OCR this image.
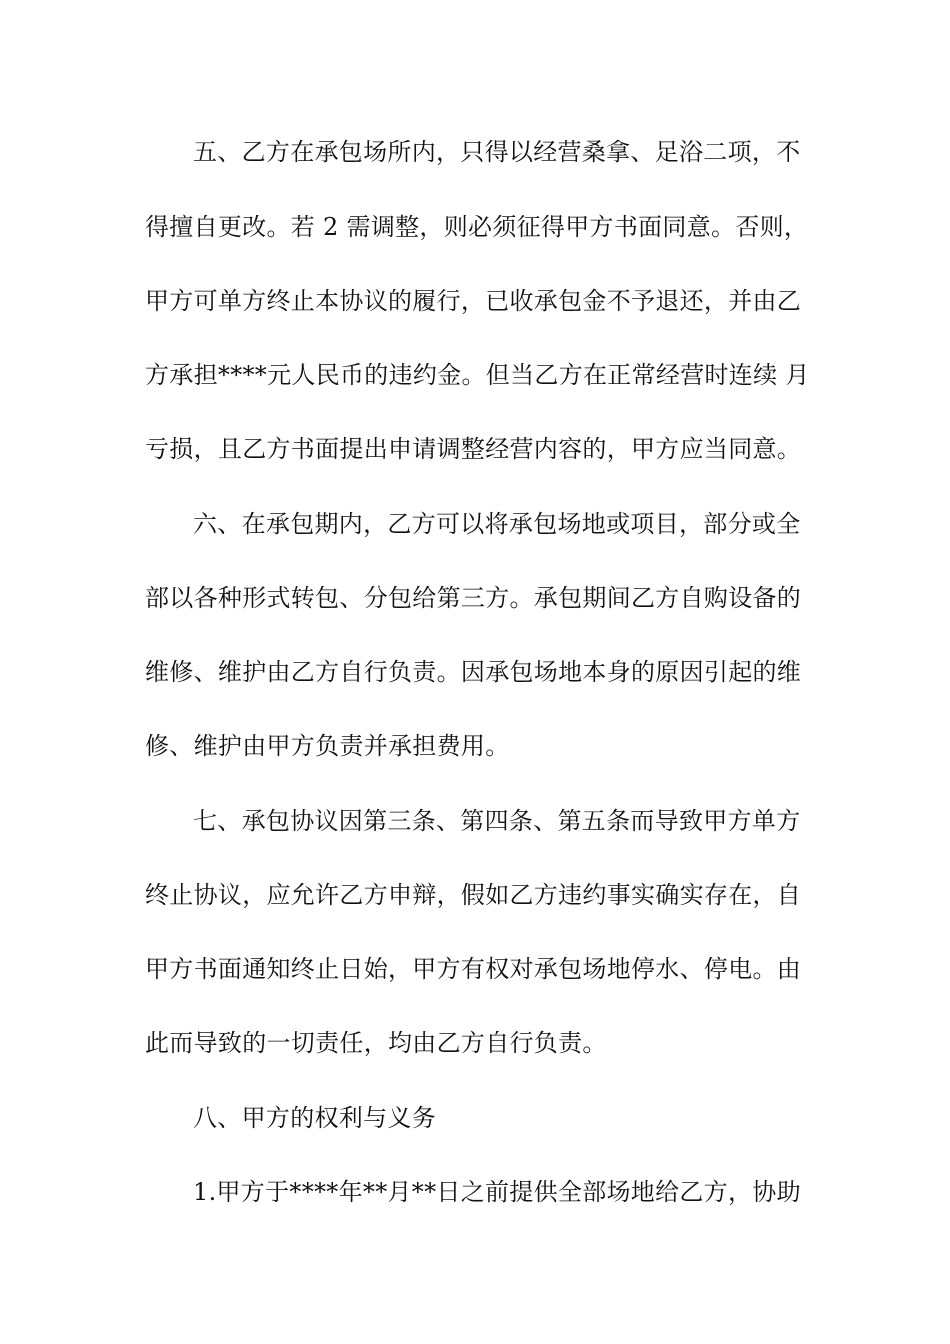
五、乙方在承包场所内，只得以经营桑拿、足浴二项，不
得擅自更改。若 2 需调整，则必须征得甲方书面同意。否则，
甲方可单方终止本协议的履行，已收承包金不予退还，并由乙
方承担****元人民币的违约金。但当乙方在正常经营时连续 月
亏损，且乙方书面提出申请调整经营内容的，甲方应当同意。
六、在承包期内，乙方可以将承包场地或项目，部分或全
部以各种形式转包、分包给第三方。承包期间乙方自购设备的
维修、维护由乙方自行负责。因承包场地本身的原因引起的维
修、维护由甲方负责并承担费用。
七、承包协议因第三条、第四条、第五条而导致甲方单方
终止协议，应允许乙方申辩，假如乙方违约事实确实存在，自
甲方书面通知终止日始，甲方有权对承包场地停水、停电。由
此而导致的一切责任，均由乙方自行负责。
八、甲方的权利与义务
1.甲方于****年**月**日之前提供全部场地给乙方，协助
